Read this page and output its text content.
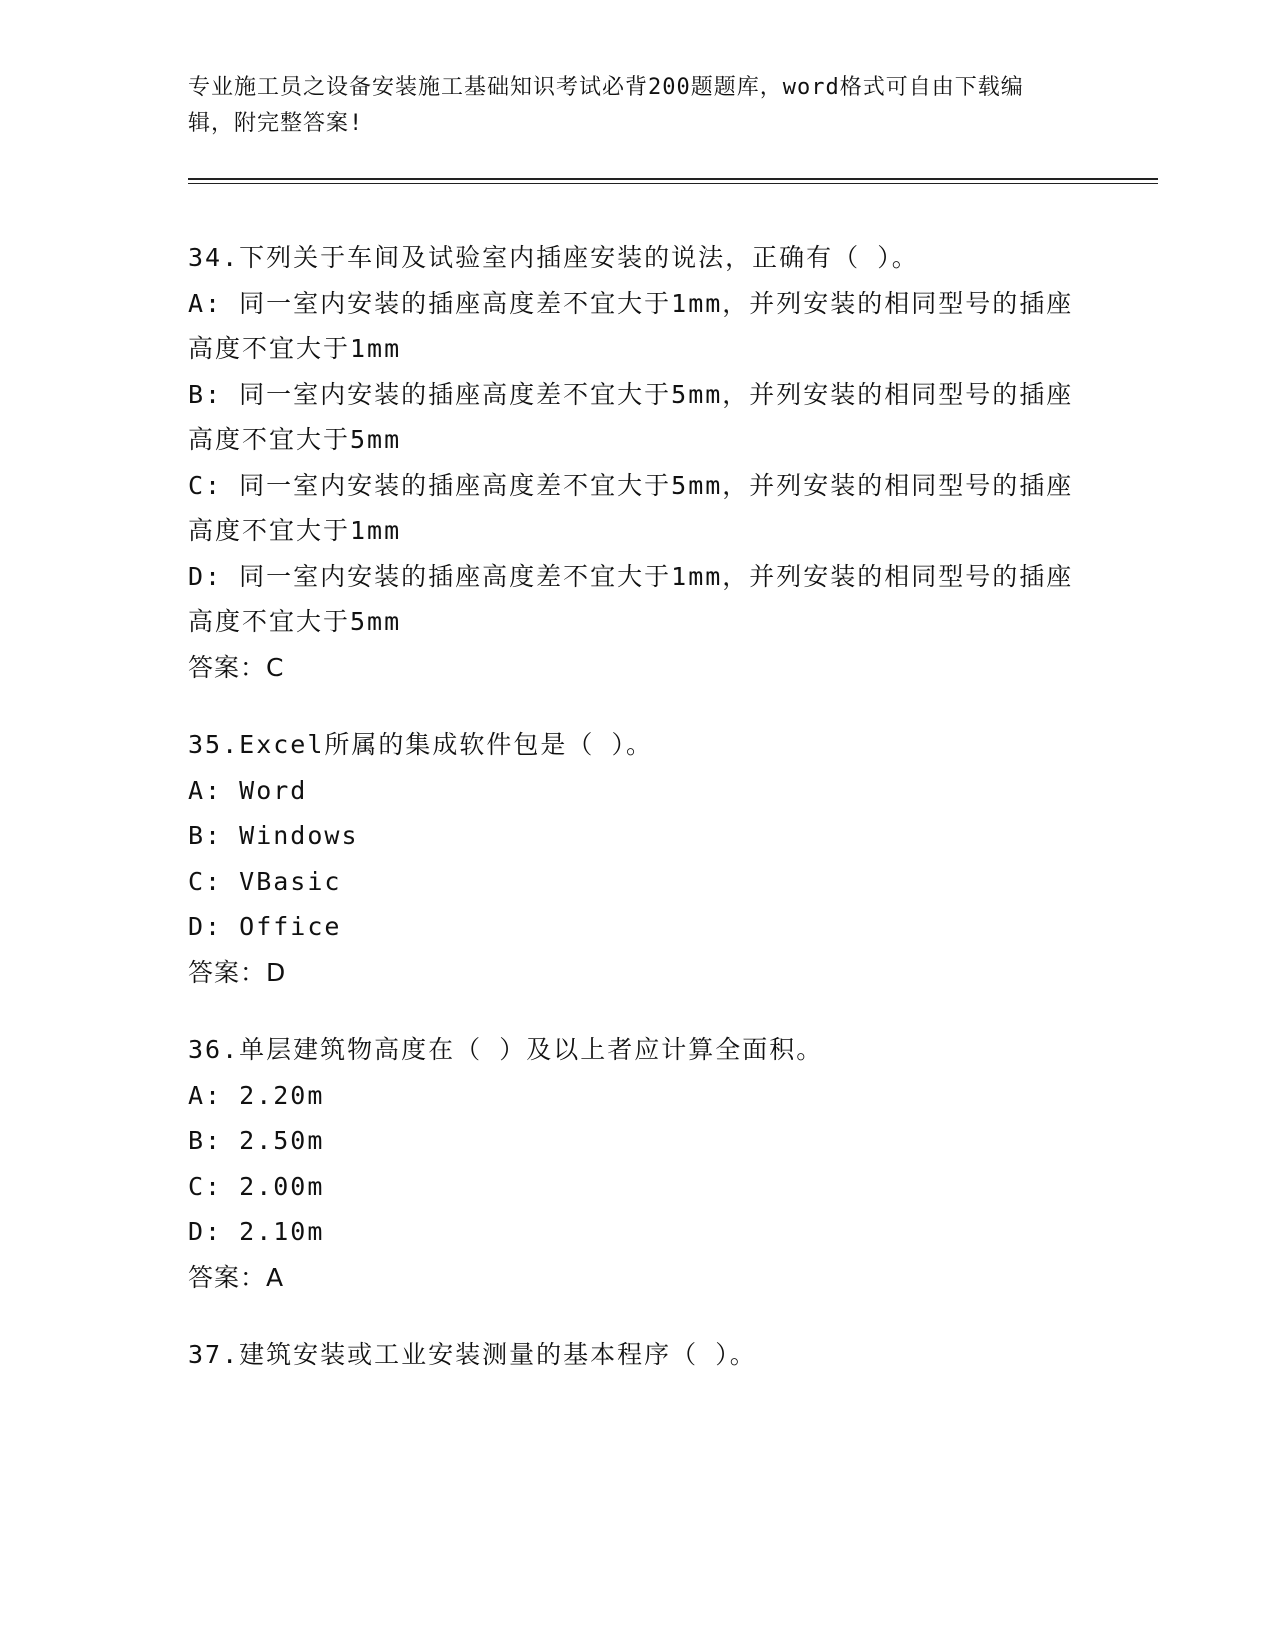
专业施工员之设备安装施工基础知识考试必背200题题库，word格式可自由下载编辑，附完整答案!

34.下列关于车间及试验室内插座安装的说法，正确有（ ）。

A: 同一室内安装的插座高度差不宜大于1mm，并列安装的相同型号的插座高度不宜大于1mm

B: 同一室内安装的插座高度差不宜大于5mm，并列安装的相同型号的插座高度不宜大于5mm

C: 同一室内安装的插座高度差不宜大于5mm，并列安装的相同型号的插座高度不宜大于1mm

D: 同一室内安装的插座高度差不宜大于1mm，并列安装的相同型号的插座高度不宜大于5mm

答案：C

35.Excel所属的集成软件包是（ ）。

A: Word

B: Windows

C: VBasic

D: Office

答案：D

36.单层建筑物高度在（ ）及以上者应计算全面积。

A: 2.20m

B: 2.50m

C: 2.00m

D: 2.10m

答案：A

37.建筑安装或工业安装测量的基本程序（ ）。
